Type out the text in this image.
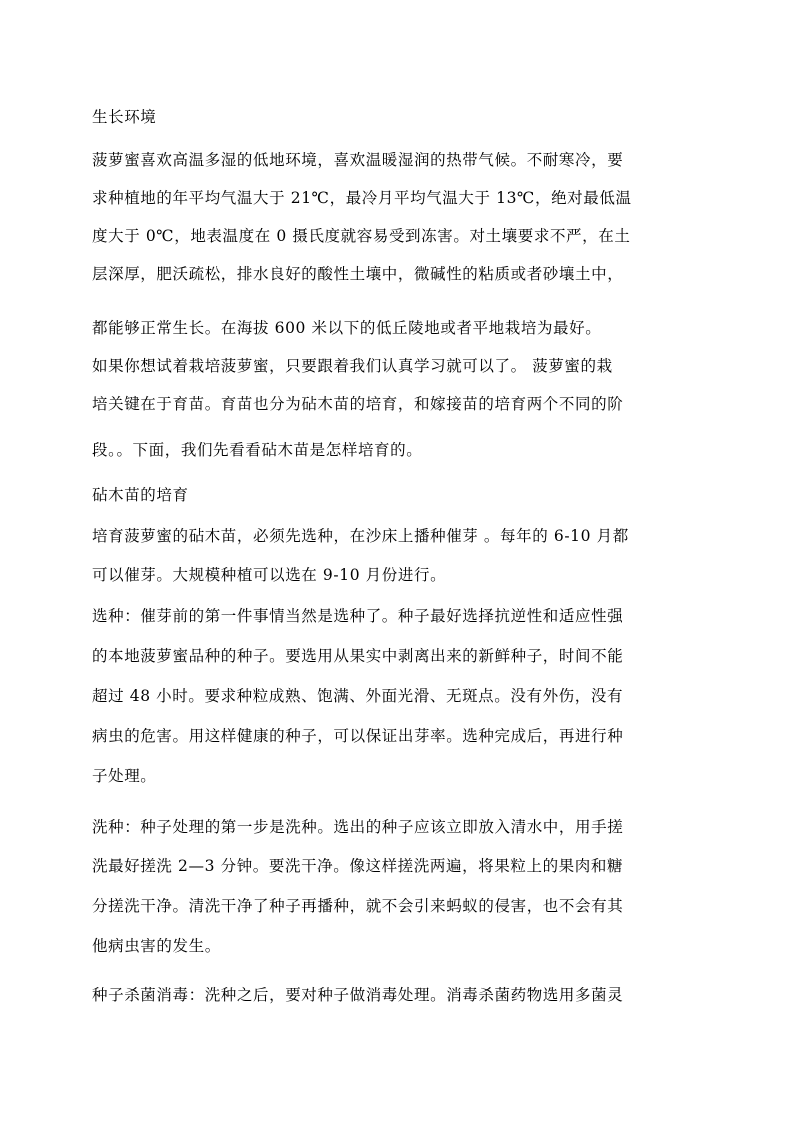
生长环境
菠萝蜜喜欢高温多湿的低地环境，喜欢温暖湿润的热带气候。不耐寒冷，要
求种植地的年平均气温大于 21℃，最冷月平均气温大于 13℃，绝对最低温
度大于 0℃，地表温度在 0 摄氏度就容易受到冻害。对土壤要求不严，在土
层深厚，肥沃疏松，排水良好的酸性土壤中，微碱性的粘质或者砂壤土中，
都能够正常生长。在海拔 600 米以下的低丘陵地或者平地栽培为最好。
如果你想试着栽培菠萝蜜，只要跟着我们认真学习就可以了。 菠萝蜜的栽
培关键在于育苗。育苗也分为砧木苗的培育，和嫁接苗的培育两个不同的阶
段。。下面，我们先看看砧木苗是怎样培育的。
砧木苗的培育
培育菠萝蜜的砧木苗，必须先选种，在沙床上播种催芽 。每年的 6-10 月都
可以催芽。大规模种植可以选在 9-10 月份进行。
选种：催芽前的第一件事情当然是选种了。种子最好选择抗逆性和适应性强
的本地菠萝蜜品种的种子。要选用从果实中剥离出来的新鲜种子，时间不能
超过 48 小时。要求种粒成熟、饱满、外面光滑、无斑点。没有外伤，没有
病虫的危害。用这样健康的种子，可以保证出芽率。选种完成后，再进行种
子处理。
洗种：种子处理的第一步是洗种。选出的种子应该立即放入清水中，用手搓
洗最好搓洗 2—3 分钟。要洗干净。像这样搓洗两遍，将果粒上的果肉和糖
分搓洗干净。清洗干净了种子再播种，就不会引来蚂蚁的侵害，也不会有其
他病虫害的发生。
种子杀菌消毒：洗种之后，要对种子做消毒处理。消毒杀菌药物选用多菌灵
